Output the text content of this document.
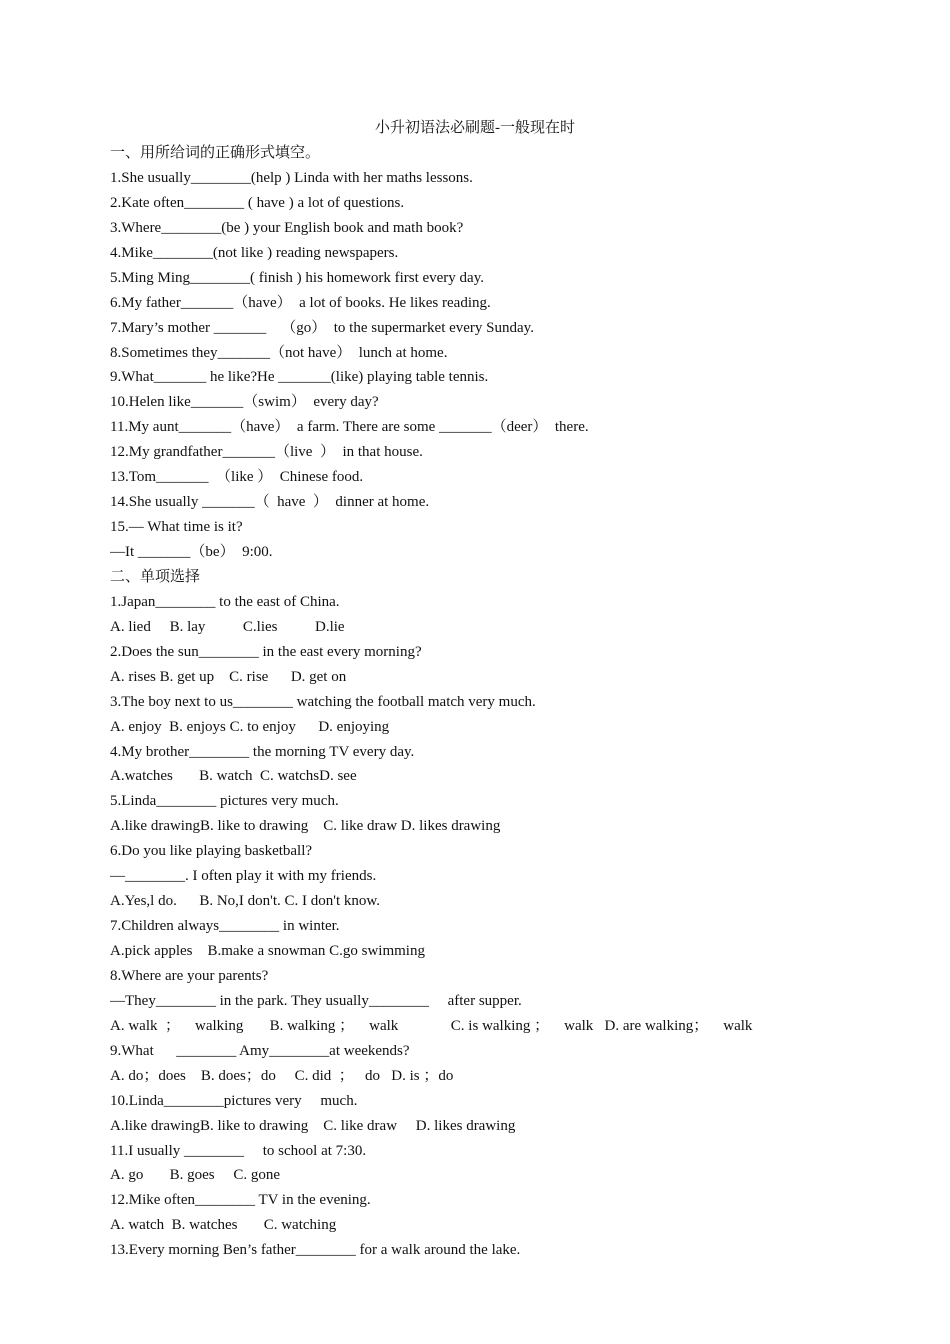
小升初语法必刷题-一般现在时
一、用所给词的正确形式填空。
1.She usually________(help ) Linda with her maths lessons.
2.Kate often________ ( have ) a lot of questions.
3.Where________(be ) your English book and math book?
4.Mike________(not like ) reading newspapers.
5.Ming Ming________( finish ) his homework first every day.
6.My father_______（have）  a lot of books. He likes reading.
7.Mary’s mother _______    （go）  to the supermarket every Sunday.
8.Sometimes they_______（not have）  lunch at home.
9.What_______ he like?He _______(like) playing table tennis.
10.Helen like_______（swim）  every day?
11.My aunt_______（have）  a farm. There are some _______（deer）  there.
12.My grandfather_______（live  ）  in that house.
13.Tom_______  （like ）  Chinese food.
14.She usually _______（  have  ）  dinner at home.
15.— What time is it?
—It _______（be）  9:00.
二、单项选择
1.Japan________ to the east of China.
A. lied     B. lay          C.lies          D.lie
2.Does the sun________ in the east every morning?
A. rises B. get up    C. rise      D. get on
3.The boy next to us________ watching the football match very much.
A. enjoy  B. enjoys C. to enjoy      D. enjoying
4.My brother________ the morning TV every day.
A.watches       B. watch  C. watchsD. see
5.Linda________ pictures very much.
A.like drawingB. like to drawing    C. like draw D. likes drawing
6.Do you like playing basketball?
—________. I often play it with my friends.
A.Yes,l do.      B. No,I don't. C. I don't know.
7.Children always________ in winter.
A.pick apples    B.make a snowman C.go swimming
8.Where are your parents?
—They________ in the park. They usually________     after supper.
A. walk  ；    walking       B. walking ；    walk              C. is walking ；    walk   D. are walking；    walk
9.What      ________ Amy________at weekends?
A. do；does    B. does；do     C. did  ；   do   D. is ；do
10.Linda________pictures very     much.
A.like drawingB. like to drawing    C. like draw     D. likes drawing
11.I usually ________     to school at 7:30.
A. go       B. goes     C. gone
12.Mike often________ TV in the evening.
A. watch  B. watches       C. watching
13.Every morning Ben’s father________ for a walk around the lake.
